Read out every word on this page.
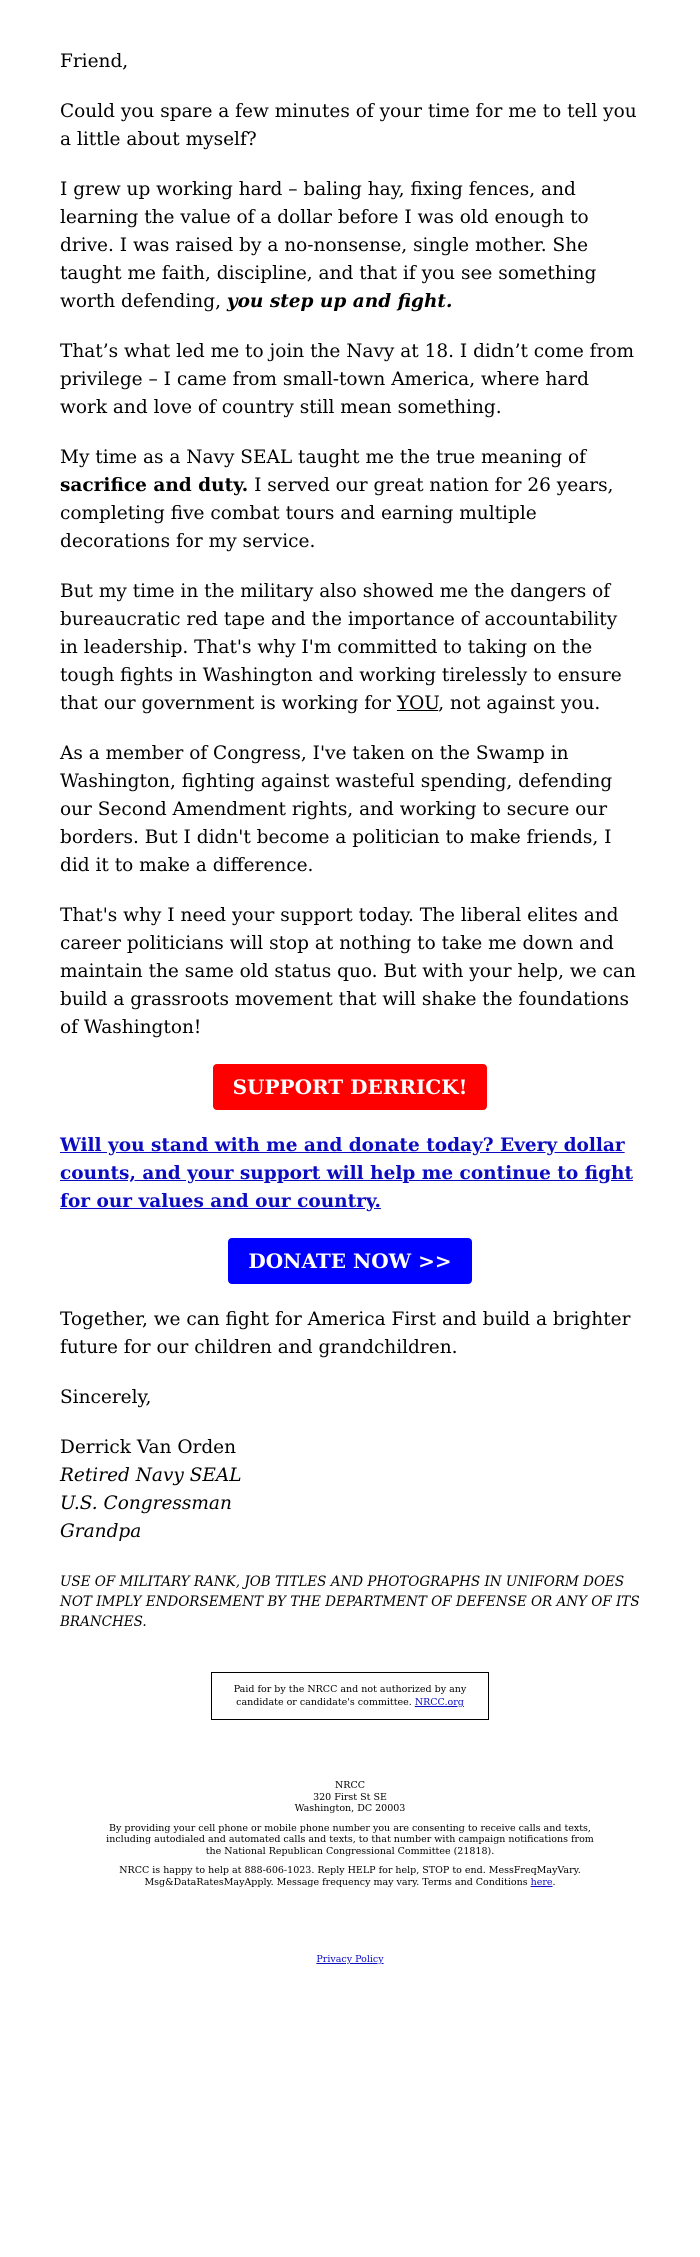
Friend,

Could you spare a few minutes of your time for me to tell you a little about myself?

I grew up working hard – baling hay, fixing fences, and learning the value of a dollar before I was old enough to drive. I was raised by a no-nonsense, single mother. She taught me faith, discipline, and that if you see something worth defending, you step up and fight.

That’s what led me to join the Navy at 18. I didn’t come from privilege – I came from small-town America, where hard work and love of country still mean something.

My time as a Navy SEAL taught me the true meaning of sacrifice and duty. I served our great nation for 26 years, completing five combat tours and earning multiple decorations for my service.

But my time in the military also showed me the dangers of bureaucratic red tape and the importance of accountability in leadership. That's why I'm committed to taking on the tough fights in Washington and working tirelessly to ensure that our government is working for YOU, not against you.

As a member of Congress, I've taken on the Swamp in Washington, fighting against wasteful spending, defending our Second Amendment rights, and working to secure our borders. But I didn't become a politician to make friends, I did it to make a difference.

That's why I need your support today. The liberal elites and career politicians will stop at nothing to take me down and maintain the same old status quo. But with your help, we can build a grassroots movement that will shake the foundations of Washington!

SUPPORT DERRICK!
Will you stand with me and donate today? Every dollar counts, and your support will help me continue to fight for our values and our country.
DONATE NOW >>

Together, we can fight for America First and build a brighter future for our children and grandchildren.

Sincerely,

Derrick Van Orden

Retired Navy SEAL

U.S. Congressman

Grandpa

USE OF MILITARY RANK, JOB TITLES AND PHOTOGRAPHS IN UNIFORM DOES NOT IMPLY ENDORSEMENT BY THE DEPARTMENT OF DEFENSE OR ANY OF ITS BRANCHES.

Paid for by the NRCC and not authorized by any candidate or candidate's committee. NRCC.org
NRCC
320 First St SE
Washington, DC 20003
By providing your cell phone or mobile phone number you are consenting to receive calls and texts, including autodialed and automated calls and texts, to that number with campaign notifications from the National Republican Congressional Committee (21818).
NRCC is happy to help at 888-606-1023. Reply HELP for help, STOP to end. MessFreqMayVary. Msg&DataRatesMayApply. Message frequency may vary. Terms and Conditions here.
Privacy Policy
